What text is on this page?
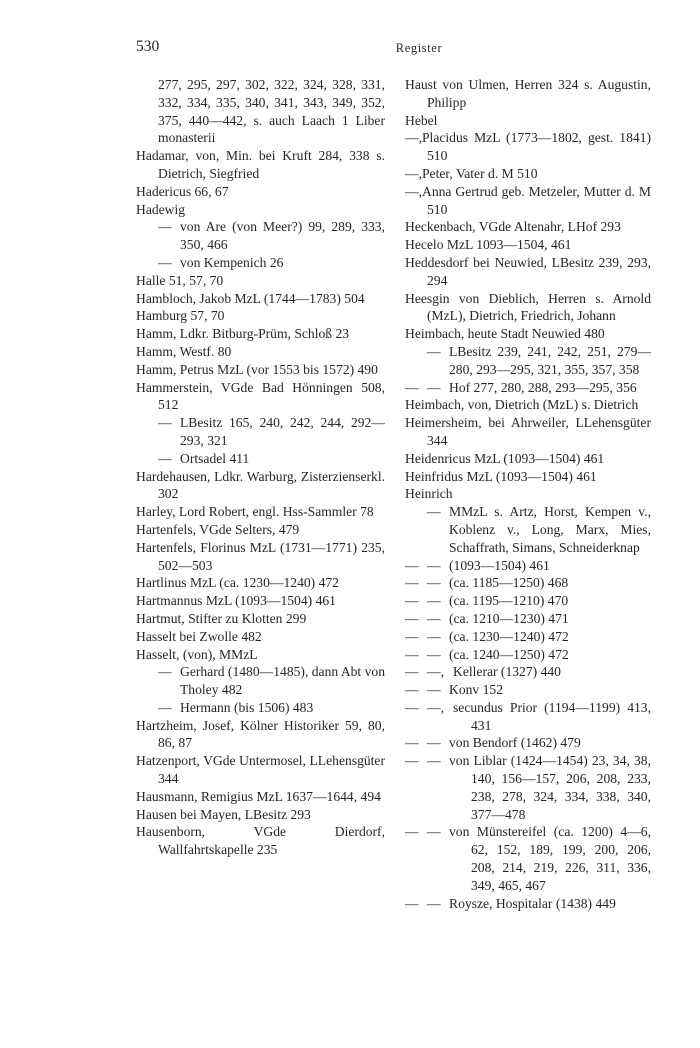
530	Register
277, 295, 297, 302, 322, 324, 328, 331, 332, 334, 335, 340, 341, 343, 349, 352, 375, 440—442, s. auch Laach 1 Liber monasterii
Hadamar, von, Min. bei Kruft 284, 338 s. Dietrich, Siegfried
Hadericus 66, 67
Hadewig
— von Are (von Meer?) 99, 289, 333, 350, 466
— von Kempenich 26
Halle 51, 57, 70
Hambloch, Jakob MzL (1744—1783) 504
Hamburg 57, 70
Hamm, Ldkr. Bitburg-Prüm, Schloß 23
Hamm, Westf. 80
Hamm, Petrus MzL (vor 1553 bis 1572) 490
Hammerstein, VGde Bad Hönningen 508, 512
— LBesitz 165, 240, 242, 244, 292—293, 321
— Ortsadel 411
Hardehausen, Ldkr. Warburg, Zisterzienserkl. 302
Harley, Lord Robert, engl. Hss-Sammler 78
Hartenfels, VGde Selters, 479
Hartenfels, Florinus MzL (1731—1771) 235, 502—503
Hartlinus MzL (ca. 1230—1240) 472
Hartmannus MzL (1093—1504) 461
Hartmut, Stifter zu Klotten 299
Hasselt bei Zwolle 482
Hasselt, (von), MMzL
— Gerhard (1480—1485), dann Abt von Tholey 482
— Hermann (bis 1506) 483
Hartzheim, Josef, Kölner Historiker 59, 80, 86, 87
Hatzenport, VGde Untermosel, LLehensgüter 344
Hausmann, Remigius MzL 1637—1644, 494
Hausen bei Mayen, LBesitz 293
Hausenborn, VGde Dierdorf, Wallfahrtskapelle 235
Haust von Ulmen, Herren 324 s. Augustin, Philipp
Hebel
—,Placidus MzL (1773—1802, gest. 1841) 510
—,Peter, Vater d. M 510
—,Anna Gertrud geb. Metzeler, Mutter d. M 510
Heckenbach, VGde Altenahr, LHof 293
Hecelo MzL 1093—1504, 461
Heddesdorf bei Neuwied, LBesitz 239, 293, 294
Heesgin von Dieblich, Herren s. Arnold (MzL), Dietrich, Friedrich, Johann
Heimbach, heute Stadt Neuwied 480
— LBesitz 239, 241, 242, 251, 279—280, 293—295, 321, 355, 357, 358
— — Hof 277, 280, 288, 293—295, 356
Heimbach, von, Dietrich (MzL) s. Dietrich
Heimersheim, bei Ahrweiler, LLehensgüter 344
Heidenricus MzL (1093—1504) 461
Heinfridus MzL (1093—1504) 461
Heinrich
— MMzL s. Artz, Horst, Kempen v., Koblenz v., Long, Marx, Mies, Schaffrath, Simans, Schneiderknap
— — (1093—1504) 461
— — (ca. 1185—1250) 468
— — (ca. 1195—1210) 470
— — (ca. 1210—1230) 471
— — (ca. 1230—1240) 472
— — (ca. 1240—1250) 472
— —, Kellerar (1327) 440
— — Konv 152
— —, secundus Prior (1194—1199) 413, 431
— — von Bendorf (1462) 479
— — von Liblar (1424—1454) 23, 34, 38, 140, 156—157, 206, 208, 233, 238, 278, 324, 334, 338, 340, 377—478
— — von Münstereifel (ca. 1200) 4—6, 62, 152, 189, 199, 200, 206, 208, 214, 219, 226, 311, 336, 349, 465, 467
— — Roysze, Hospitalar (1438) 449
